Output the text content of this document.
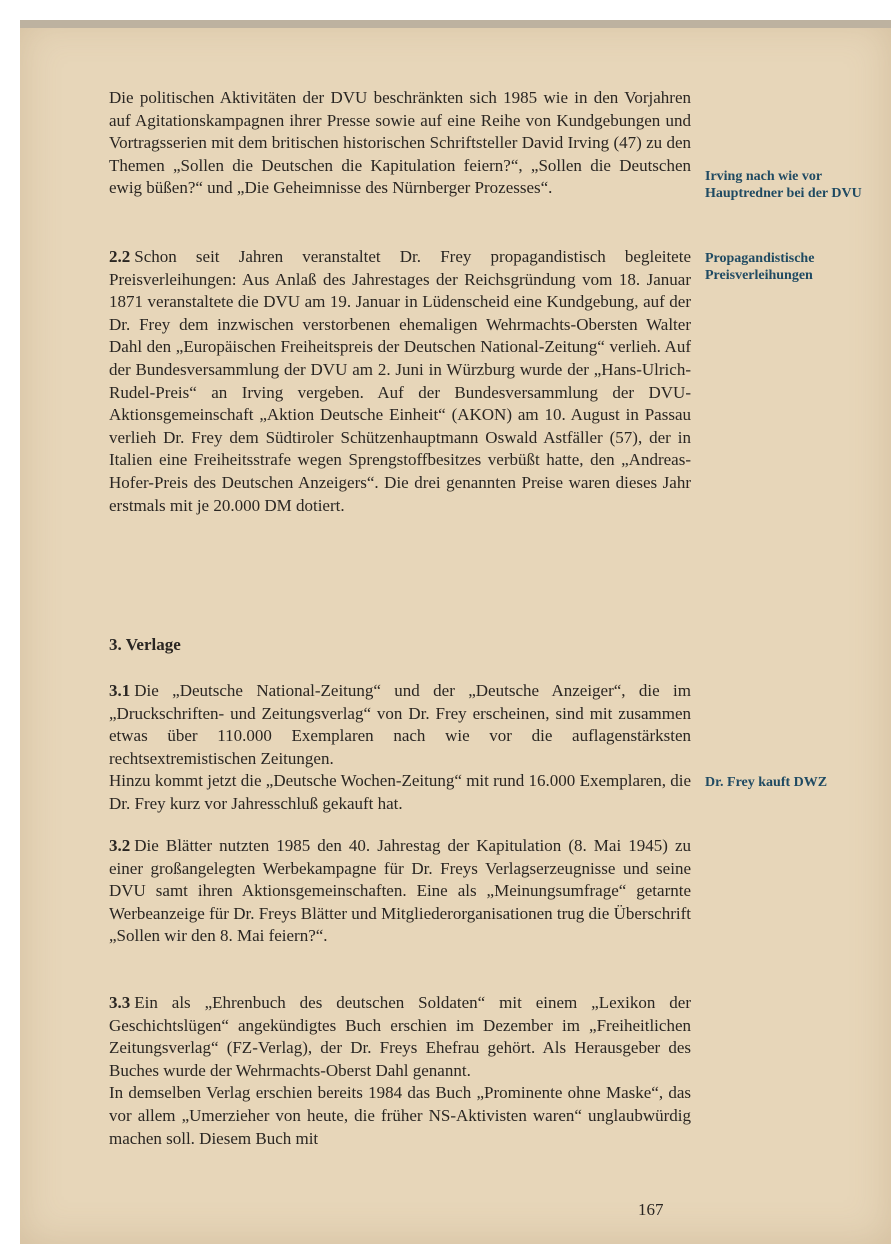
Die politischen Aktivitäten der DVU beschränkten sich 1985 wie in den Vorjahren auf Agitationskampagnen ihrer Presse sowie auf eine Reihe von Kundgebungen und Vortragsserien mit dem britischen historischen Schriftsteller David Irving (47) zu den Themen „Sollen die Deutschen die Kapitulation feiern?“, „Sollen die Deutschen ewig büßen?“ und „Die Geheimnisse des Nürnberger Prozesses“.

Irving nach wie vor Hauptredner bei der DVU

2.2 Schon seit Jahren veranstaltet Dr. Frey propagandistisch begleitete Preisverleihungen: Aus Anlaß des Jahrestages der Reichsgründung vom 18. Januar 1871 veranstaltete die DVU am 19. Januar in Lüdenscheid eine Kundgebung, auf der Dr. Frey dem inzwischen verstorbenen ehemaligen Wehrmachts-Obersten Walter Dahl den „Europäischen Freiheitspreis der Deutschen National-Zeitung“ verlieh. Auf der Bundesversammlung der DVU am 2. Juni in Würzburg wurde der „Hans-Ulrich-Rudel-Preis“ an Irving vergeben. Auf der Bundesversammlung der DVU-Aktionsgemeinschaft „Aktion Deutsche Einheit“ (AKON) am 10. August in Passau verlieh Dr. Frey dem Südtiroler Schützenhauptmann Oswald Astfäller (57), der in Italien eine Freiheitsstrafe wegen Sprengstoffbesitzes verbüßt hatte, den „Andreas-Hofer-Preis des Deutschen Anzeigers“. Die drei genannten Preise waren dieses Jahr erstmals mit je 20.000 DM dotiert.

Propagandistische Preisverleihungen
3. Verlage

3.1 Die „Deutsche National-Zeitung“ und der „Deutsche Anzeiger“, die im „Druckschriften- und Zeitungsverlag“ von Dr. Frey erscheinen, sind mit zusammen etwas über 110.000 Exemplaren nach wie vor die auflagenstärksten rechtsextremistischen Zeitungen.

Hinzu kommt jetzt die „Deutsche Wochen-Zeitung“ mit rund 16.000 Exemplaren, die Dr. Frey kurz vor Jahresschluß gekauft hat.

Dr. Frey kauft DWZ

3.2 Die Blätter nutzten 1985 den 40. Jahrestag der Kapitulation (8. Mai 1945) zu einer großangelegten Werbekampagne für Dr. Freys Verlagserzeugnisse und seine DVU samt ihren Aktionsgemeinschaften. Eine als „Meinungsumfrage“ getarnte Werbeanzeige für Dr. Freys Blätter und Mitgliederorganisationen trug die Überschrift „Sollen wir den 8. Mai feiern?“.

3.3 Ein als „Ehrenbuch des deutschen Soldaten“ mit einem „Lexikon der Geschichtslügen“ angekündigtes Buch erschien im Dezember im „Freiheitlichen Zeitungsverlag“ (FZ-Verlag), der Dr. Freys Ehefrau gehört. Als Herausgeber des Buches wurde der Wehrmachts-Oberst Dahl genannt.

In demselben Verlag erschien bereits 1984 das Buch „Prominente ohne Maske“, das vor allem „Umerzieher von heute, die früher NS-Aktivisten waren“ unglaubwürdig machen soll. Diesem Buch mit

167
